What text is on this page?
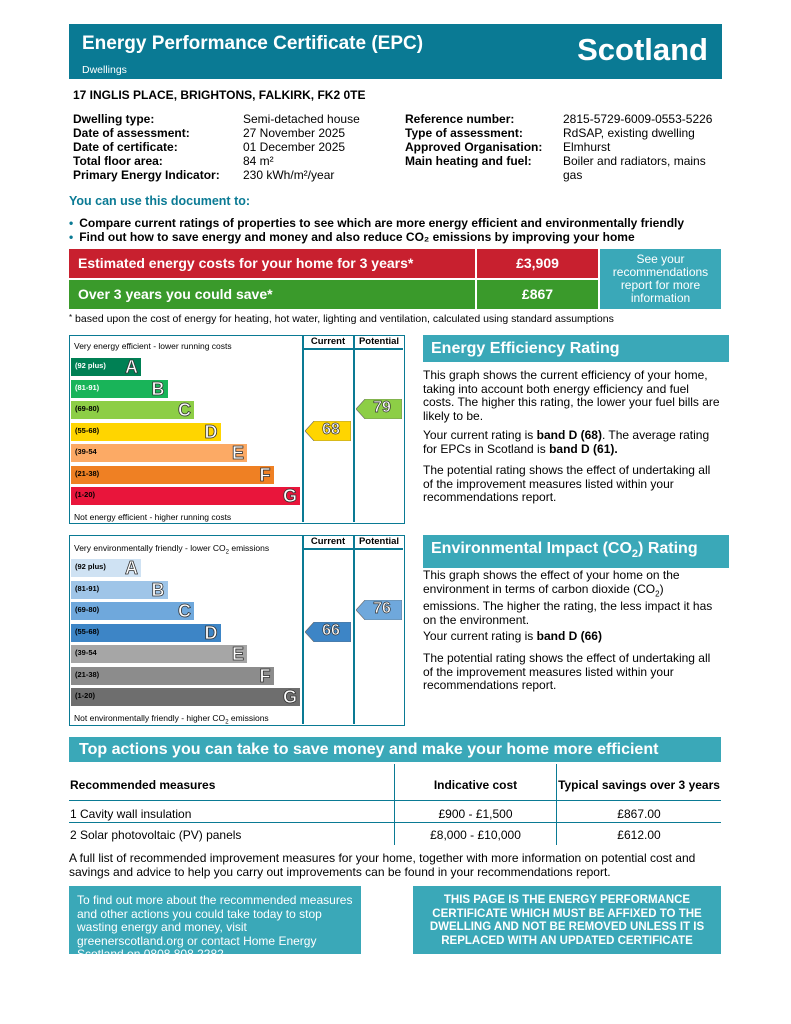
Energy Performance Certificate (EPC)
Dwellings
Scotland
17 INGLIS PLACE, BRIGHTONS, FALKIRK, FK2 0TE
Dwelling type:	Semi-detached house
Date of assessment:	27 November 2025
Date of certificate:	01 December 2025
Total floor area:	84 m²
Primary Energy Indicator: 230 kWh/m²/year
Reference number:	2815-5729-6009-0553-5226
Type of assessment:	RdSAP, existing dwelling
Approved Organisation: Elmhurst
Main heating and fuel:	Boiler and radiators, mains
gas
You can use this document to:
• Compare current ratings of properties to see which are more energy efficient and environmentally friendly
• Find out how to save energy and money and also reduce CO₂ emissions by improving your home
Estimated energy costs for your home for 3 years*	£3,909
Over 3 years you could save*	£867
See your recommendations report for more information
* based upon the cost of energy for heating, hot water, lighting and ventilation, calculated using standard assumptions
Very energy efficient - lower running costs
Not energy efficient - higher running costs
Current	Potential
(92 plus) A
(81-91)	B
(69-80)	C
(55-68)	D
(39-54	E
(21-38)	F
(1-20)	G
68
79
Very environmentally friendly - lower $CO_2$ emissions
Not environmentally friendly - higher $CO_2$ emissions
Current	Potential
(92 plus) A
(81-91)	B
(69-80)	C
(55-68)	D
(39-54	E
(21-38)	F
(1-20)	G
66
76
Energy Efficiency Rating
This graph shows the current efficiency of your home, taking into account both energy efficiency and fuel costs. The higher this rating, the lower your fuel bills are likely to be.
Your current rating is band D (68). The average rating for EPCs in Scotland is band D (61).
The potential rating shows the effect of undertaking all of the improvement measures listed within your recommendations report.
Environmental Impact $(CO_2)$ Rating
This graph shows the effect of your home on the environment in terms of carbon dioxide $(CO_2)$ emissions. The higher the rating, the less impact it has on the environment.
Your current rating is band D (66)
The potential rating shows the effect of undertaking all of the improvement measures listed within your recommendations report.
Top actions you can take to save money and make your home more efficient
Recommended measures	Indicative cost	Typical savings over 3 years
1 Cavity wall insulation	£900 - £1,500	£867.00
2 Solar photovoltaic (PV) panels	£8,000 - £10,000	£612.00
A full list of recommended improvement measures for your home, together with more information on potential cost and savings and advice to help you carry out improvements can be found in your recommendations report.
To find out more about the recommended measures and other actions you could take today to stop wasting energy and money, visit greenerscotland.org or contact Home Energy Scotland on 0808 808 2282.
THIS PAGE IS THE ENERGY PERFORMANCE CERTIFICATE WHICH MUST BE AFFIXED TO THE DWELLING AND NOT BE REMOVED UNLESS IT IS REPLACED WITH AN UPDATED CERTIFICATE
